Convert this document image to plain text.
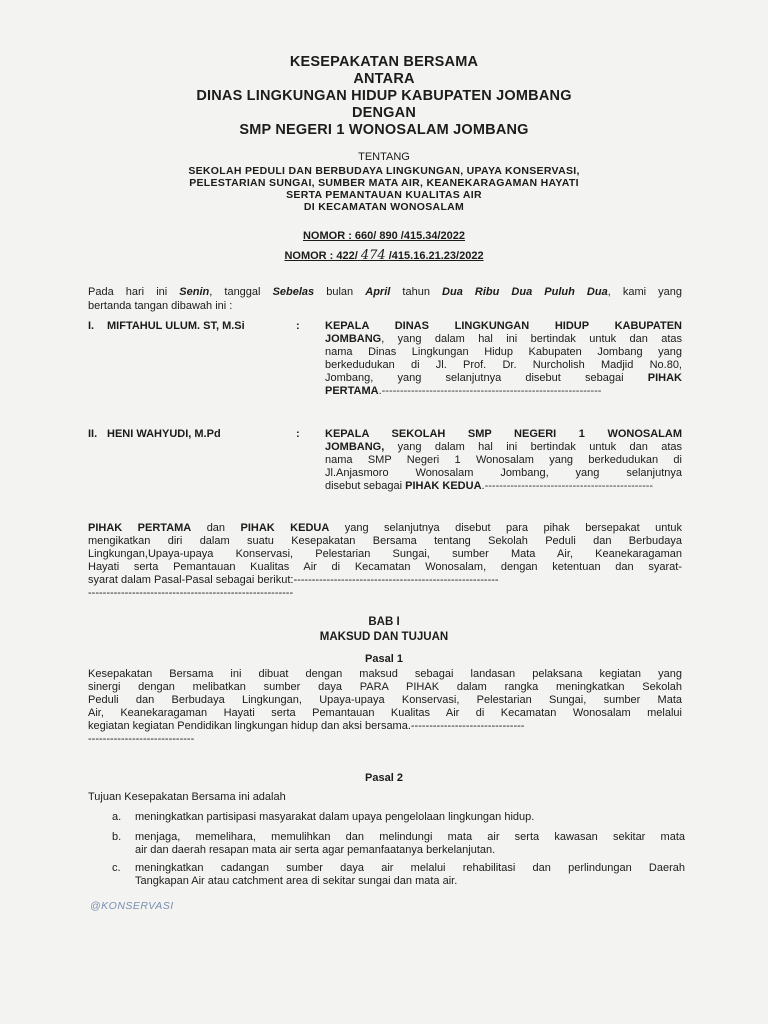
KESEPAKATAN BERSAMA
ANTARA
DINAS LINGKUNGAN HIDUP KABUPATEN JOMBANG
DENGAN
SMP NEGERI 1 WONOSALAM JOMBANG
TENTANG
SEKOLAH PEDULI DAN BERBUDAYA LINGKUNGAN, UPAYA KONSERVASI,
PELESTARIAN SUNGAI, SUMBER MATA AIR, KEANEKARAGAMAN HAYATI
SERTA PEMANTAUAN KUALITAS AIR
DI KECAMATAN WONOSALAM
NOMOR : 660/ 890 /415.34/2022
NOMOR : 422/ 474 /415.16.21.23/2022
Pada hari ini Senin, tanggal Sebelas bulan April tahun Dua Ribu Dua Puluh Dua, kami yang
bertanda tangan dibawah ini :
I. MIFTAHUL ULUM. ST, M.Si	: KEPALA DINAS LINGKUNGAN HIDUP KABUPATEN
JOMBANG, yang dalam hal ini bertindak untuk dan atas
nama Dinas Lingkungan Hidup Kabupaten Jombang yang
berkedudukan di Jl. Prof. Dr. Nurcholish Madjid No.80,
Jombang, yang selanjutnya disebut sebagai PIHAK
PERTAMA.------------------------------------------------------------
II. HENI WAHYUDI, M.Pd	: KEPALA SEKOLAH SMP NEGERI 1 WONOSALAM
JOMBANG, yang dalam hal ini bertindak untuk dan atas
nama SMP Negeri 1 Wonosalam yang berkedudukan di
Jl.Anjasmoro Wonosalam Jombang, yang selanjutnya
disebut sebagai PIHAK KEDUA.----------------------------------------------
PIHAK PERTAMA dan PIHAK KEDUA yang selanjutnya disebut para pihak bersepakat untuk
mengikatkan diri dalam suatu Kesepakatan Bersama tentang Sekolah Peduli dan Berbudaya
Lingkungan,Upaya-upaya Konservasi, Pelestarian Sungai, sumber Mata Air, Keanekaragaman
Hayati serta Pemantauan Kualitas Air di Kecamatan Wonosalam, dengan ketentuan dan syarat-
syarat dalam Pasal-Pasal sebagai berikut:--------------------------------------------------------
--------------------------------------------------------
BAB I
MAKSUD DAN TUJUAN
Pasal 1
Kesepakatan Bersama ini dibuat dengan maksud sebagai landasan pelaksana kegiatan yang
sinergi dengan melibatkan sumber daya PARA PIHAK dalam rangka meningkatkan Sekolah
Peduli dan Berbudaya Lingkungan, Upaya-upaya Konservasi, Pelestarian Sungai, sumber Mata
Air, Keanekaragaman Hayati serta Pemantauan Kualitas Air di Kecamatan Wonosalam melalui
kegiatan kegiatan Pendidikan lingkungan hidup dan aksi bersama.-------------------------------
-----------------------------
Pasal 2
Tujuan Kesepakatan Bersama ini adalah
a. meningkatkan partisipasi masyarakat dalam upaya pengelolaan lingkungan hidup.
b. menjaga, memelihara, memulihkan dan melindungi mata air serta kawasan sekitar mata
air dan daerah resapan mata air serta agar pemanfaatanya berkelanjutan.
c. meningkatkan cadangan sumber daya air melalui rehabilitasi dan perlindungan Daerah
Tangkapan Air atau catchment area di sekitar sungai dan mata air.
@KONSERVASI
